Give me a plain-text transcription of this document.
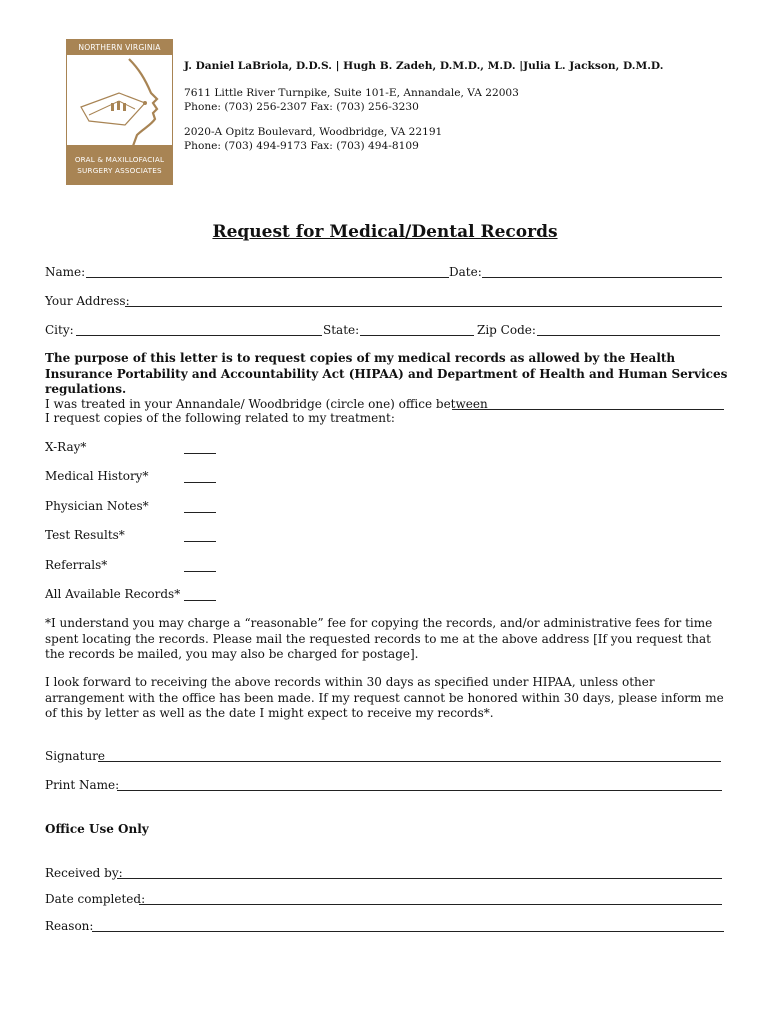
NORTHERN VIRGINIA
ORAL & MAXILLOFACIAL
SURGERY ASSOCIATES
J. Daniel LaBriola, D.D.S. | Hugh B. Zadeh, D.M.D., M.D. |Julia L. Jackson, D.M.D.
7611 Little River Turnpike, Suite 101-E, Annandale, VA 22003
Phone: (703) 256-2307 Fax: (703) 256-3230
2020-A Opitz Boulevard, Woodbridge, VA 22191
Phone: (703) 494-9173 Fax: (703) 494-8109
Request for Medical/Dental Records
Name:	Date:
Your Address:
City:	State:	Zip Code:
The purpose of this letter is to request copies of my medical records as allowed by the Health Insurance Portability and Accountability Act (HIPAA) and Department of Health and Human Services regulations.
I was treated in your Annandale/ Woodbridge (circle one) office between
I request copies of the following related to my treatment:
X-Ray*
Medical History*
Physician Notes*
Test Results*
Referrals*
All Available Records*
*I understand you may charge a “reasonable” fee for copying the records, and/or administrative fees for time spent locating the records. Please mail the requested records to me at the above address [If you request that the records be mailed, you may also be charged for postage].
I look forward to receiving the above records within 30 days as specified under HIPAA, unless other arrangement with the office has been made. If my request cannot be honored within 30 days, please inform me of this by letter as well as the date I might expect to receive my records*.
Signature
Print Name:
Office Use Only
Received by:
Date completed:
Reason:
